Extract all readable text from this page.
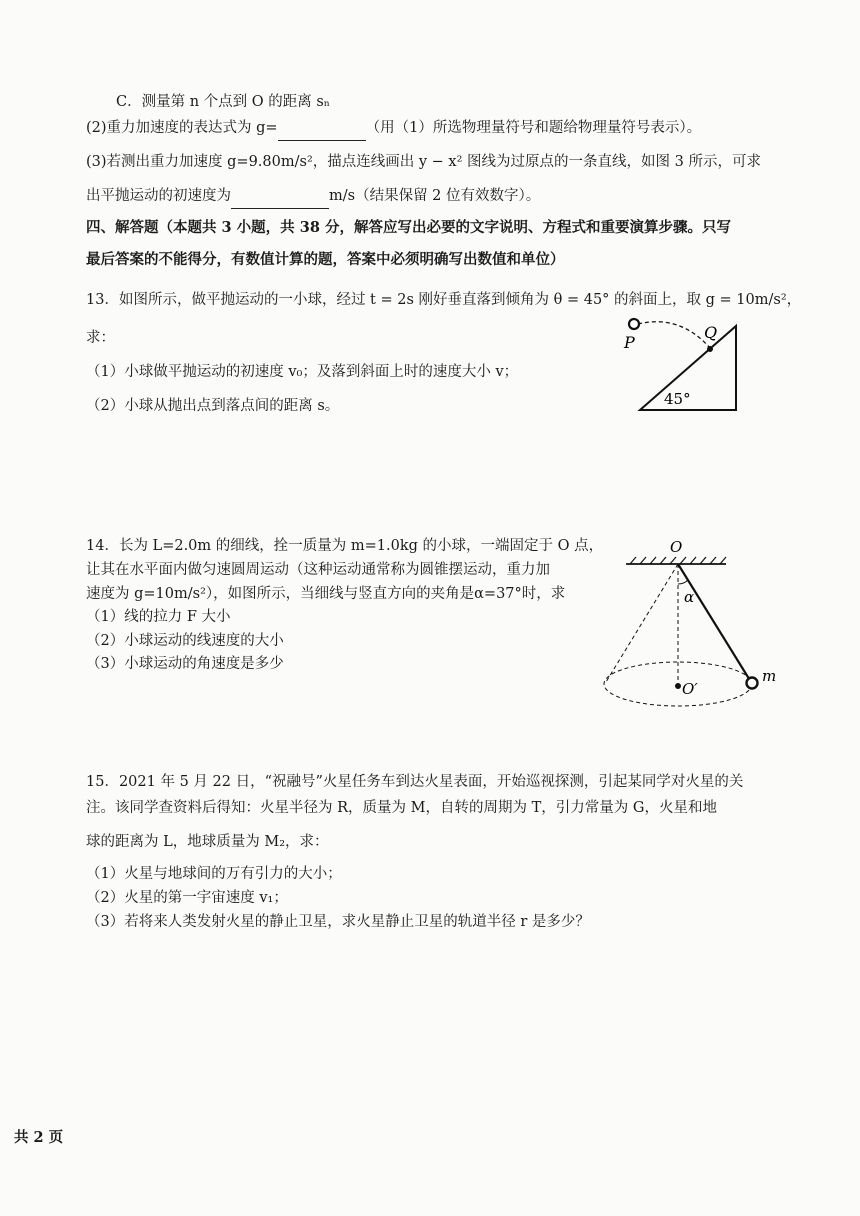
C．测量第 n 个点到 O 的距离 sₙ
(2)重力加速度的表达式为 g=	（用（1）所选物理量符号和题给物理量符号表示）。
(3)若测出重力加速度 g=9.80m/s²，描点连线画出 y − x² 图线为过原点的一条直线，如图 3 所示，可求
出平抛运动的初速度为	m/s（结果保留 2 位有效数字）。
四、解答题（本题共 3 小题，共 38 分，解答应写出必要的文字说明、方程式和重要演算步骤。只写
最后答案的不能得分，有数值计算的题，答案中必须明确写出数值和单位）
13．如图所示，做平抛运动的一小球，经过 t = 2s 刚好垂直落到倾角为 θ = 45° 的斜面上，取 g = 10m/s²，
求：
（1）小球做平抛运动的初速度 v₀；及落到斜面上时的速度大小 v；
（2）小球从抛出点到落点间的距离 s。
P
Q
45°
14．长为 L=2.0m 的细线，拴一质量为 m=1.0kg 的小球，一端固定于 O 点，
让其在水平面内做匀速圆周运动（这种运动通常称为圆锥摆运动，重力加
速度为 g=10m/s²），如图所示，当细线与竖直方向的夹角是α=37°时，求
（1）线的拉力 F 大小
（2）小球运动的线速度的大小
（3）小球运动的角速度是多少
O
α
O′
m
15．2021 年 5 月 22 日，“祝融号”火星任务车到达火星表面，开始巡视探测，引起某同学对火星的关
注。该同学查资料后得知：火星半径为 R，质量为 M，自转的周期为 T，引力常量为 G，火星和地
球的距离为 L，地球质量为 M₂，求：
（1）火星与地球间的万有引力的大小；
（2）火星的第一宇宙速度 v₁；
（3）若将来人类发射火星的静止卫星，求火星静止卫星的轨道半径 r 是多少？
共 2 页
